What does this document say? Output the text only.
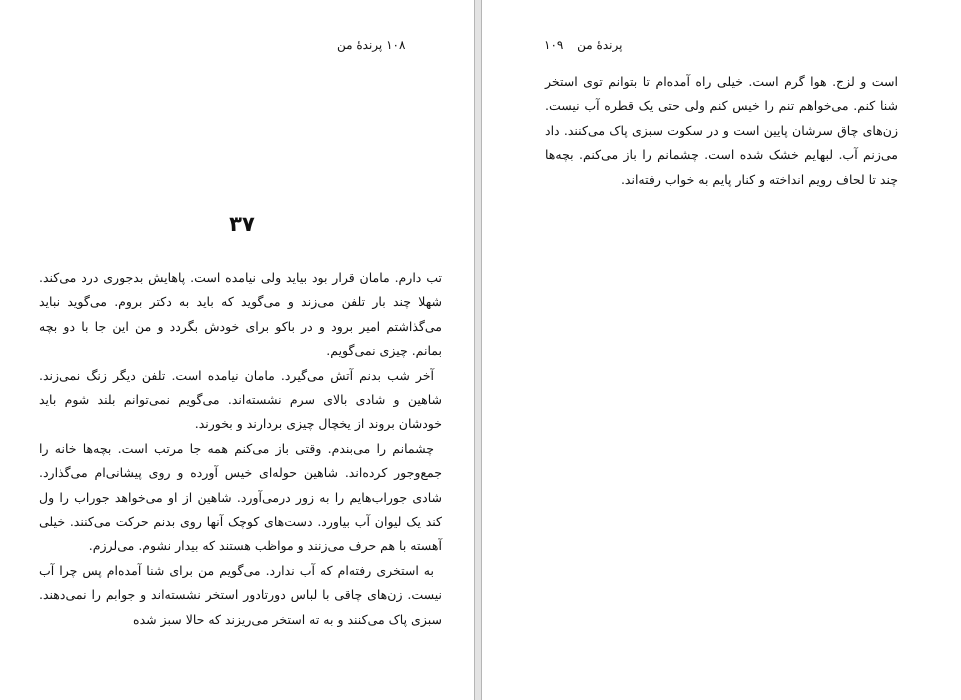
۱۰۸ پرندهٔ من
۳۷

تب دارم. مامان قرار بود بیاید ولی نیامده است. پاهایش بدجوری درد می‌کند. شهلا چند بار تلفن می‌زند و می‌گوید که باید به دکتر بروم. می‌گوید نباید می‌گذاشتم امیر برود و در باکو برای خودش بگردد و من این جا با دو بچه بمانم. چیزی نمی‌گویم.

آخر شب بدنم آتش می‌گیرد. مامان نیامده است. تلفن دیگر زنگ نمی‌زند. شاهین و شادی بالای سرم نشسته‌اند. می‌گویم نمی‌توانم بلند شوم باید خودشان بروند از یخچال چیزی بردارند و بخورند.

چشمانم را می‌بندم. وقتی باز می‌کنم همه جا مرتب است. بچه‌ها خانه را جمع‌وجور کرده‌اند. شاهین حوله‌ای خیس آورده و روی پیشانی‌ام می‌گذارد. شادی جوراب‌هایم را به زور درمی‌آورد. شاهین از او می‌خواهد جوراب را ول کند یک لیوان آب بیاورد. دست‌های کوچک آنها روی بدنم حرکت می‌کنند. خیلی آهسته با هم حرف می‌زنند و مواظب هستند که بیدار نشوم. می‌لرزم.

به استخری رفته‌ام که آب ندارد. می‌گویم من برای شنا آمده‌ام پس چرا آب نیست. زن‌های چاقی با لباس دورتادور استخر نشسته‌اند و جوابم را نمی‌دهند. سبزی پاک می‌کنند و به ته استخر می‌ریزند که حالا سبز شده

پرندهٔ من ۱۰۹

است و لزج. هوا گرم است. خیلی راه آمده‌ام تا بتوانم توی استخر شنا کنم. می‌خواهم تنم را خیس کنم ولی حتی یک قطره آب نیست. زن‌های چاق سرشان پایین است و در سکوت سبزی پاک می‌کنند. داد می‌زنم آب. لبهایم خشک شده است. چشمانم را باز می‌کنم. بچه‌ها چند تا لحاف رویم انداخته و کنار پایم به خواب رفته‌اند.
